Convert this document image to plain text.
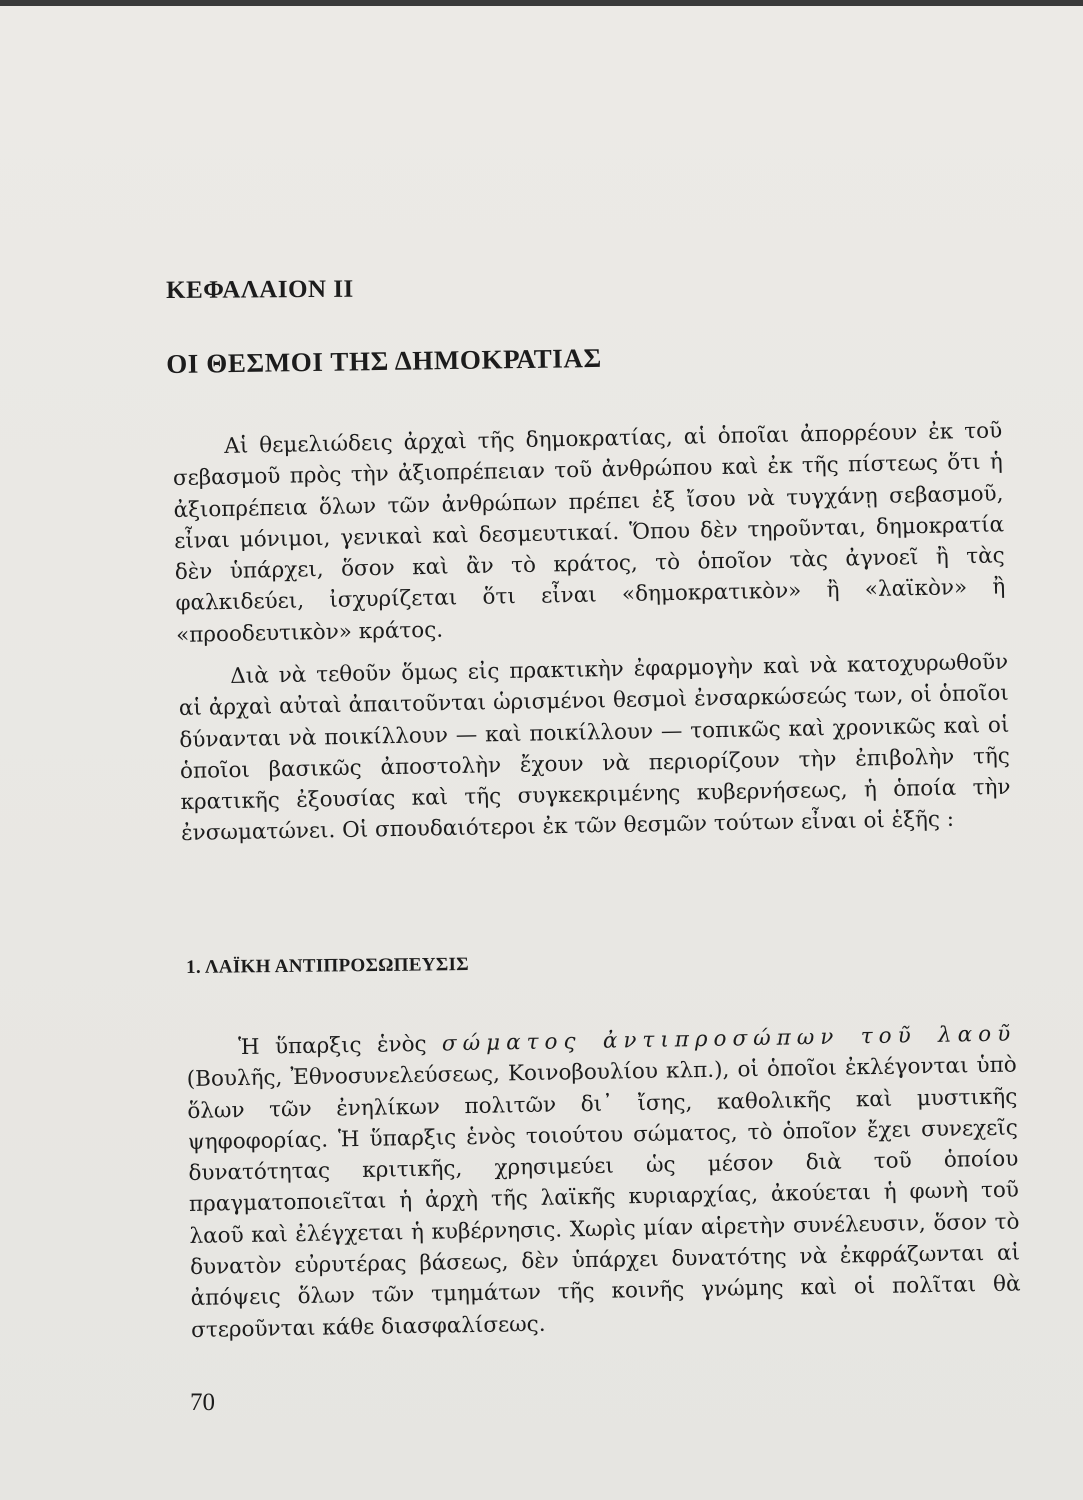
ΚΕΦΑΛΑΙΟΝ ΙΙ
ΟΙ ΘΕΣΜΟΙ ΤΗΣ ΔΗΜΟΚΡΑΤΙΑΣ

Αἱ θεμελιώδεις ἀρχαὶ τῆς δημοκρατίας, αἱ ὁποῖαι ἀπορρέουν ἐκ τοῦ σεβασμοῦ πρὸς τὴν ἀξιοπρέπειαν τοῦ ἀνθρώπου καὶ ἐκ τῆς πίστεως ὅτι ἡ ἀξιοπρέπεια ὅλων τῶν ἀνθρώπων πρέπει ἐξ ἴσου νὰ τυγχάνῃ σεβασμοῦ, εἶναι μόνιμοι, γενικαὶ καὶ δεσμευτικαί. Ὅπου δὲν τηροῦνται, δημοκρατία δὲν ὑπάρχει, ὅσον καὶ ἂν τὸ κράτος, τὸ ὁποῖον τὰς ἀγνοεῖ ἢ τὰς φαλκιδεύει, ἰσχυρίζεται ὅτι εἶναι «δημοκρατικὸν» ἢ «λαϊκὸν» ἢ «προοδευτικὸν» κράτος.

Διὰ νὰ τεθοῦν ὅμως εἰς πρακτικὴν ἐφαρμογὴν καὶ νὰ κατοχυρωθοῦν αἱ ἀρχαὶ αὐταὶ ἀπαιτοῦνται ὡρισμένοι θεσμοὶ ἐνσαρκώσεώς των, οἱ ὁποῖοι δύνανται νὰ ποικίλλουν — καὶ ποικίλλουν — τοπικῶς καὶ χρονικῶς καὶ οἱ ὁποῖοι βασικῶς ἀποστολὴν ἔχουν νὰ περιορίζουν τὴν ἐπιβολὴν τῆς κρατικῆς ἐξουσίας καὶ τῆς συγκεκριμένης κυβερνήσεως, ἡ ὁποία τὴν ἐνσωματώνει. Οἱ σπουδαιότεροι ἐκ τῶν θεσμῶν τούτων εἶναι οἱ ἑξῆς :

1. ΛΑΪΚΗ ΑΝΤΙΠΡΟΣΩΠΕΥΣΙΣ

Ἡ ὕπαρξις ἑνὸς σώματος ἀντιπροσώπων τοῦ λαοῦ (Βουλῆς, Ἐθνοσυνελεύσεως, Κοινοβουλίου κλπ.), οἱ ὁποῖοι ἐκλέγονται ὑπὸ ὅλων τῶν ἐνηλίκων πολιτῶν δι᾽ ἴσης, καθολικῆς καὶ μυστικῆς ψηφοφορίας. Ἡ ὕπαρξις ἑνὸς τοιούτου σώματος, τὸ ὁποῖον ἔχει συνεχεῖς δυνατότητας κριτικῆς, χρησιμεύει ὡς μέσον διὰ τοῦ ὁποίου πραγματοποιεῖται ἡ ἀρχὴ τῆς λαϊκῆς κυριαρχίας, ἀκούεται ἡ φωνὴ τοῦ λαοῦ καὶ ἐλέγχεται ἡ κυβέρνησις. Χωρὶς μίαν αἱρετὴν συνέλευσιν, ὅσον τὸ δυνατὸν εὐρυτέρας βάσεως, δὲν ὑπάρχει δυνατότης νὰ ἐκφράζωνται αἱ ἀπόψεις ὅλων τῶν τμημάτων τῆς κοινῆς γνώμης καὶ οἱ πολῖται θὰ στεροῦνται κάθε διασφαλίσεως.

70
